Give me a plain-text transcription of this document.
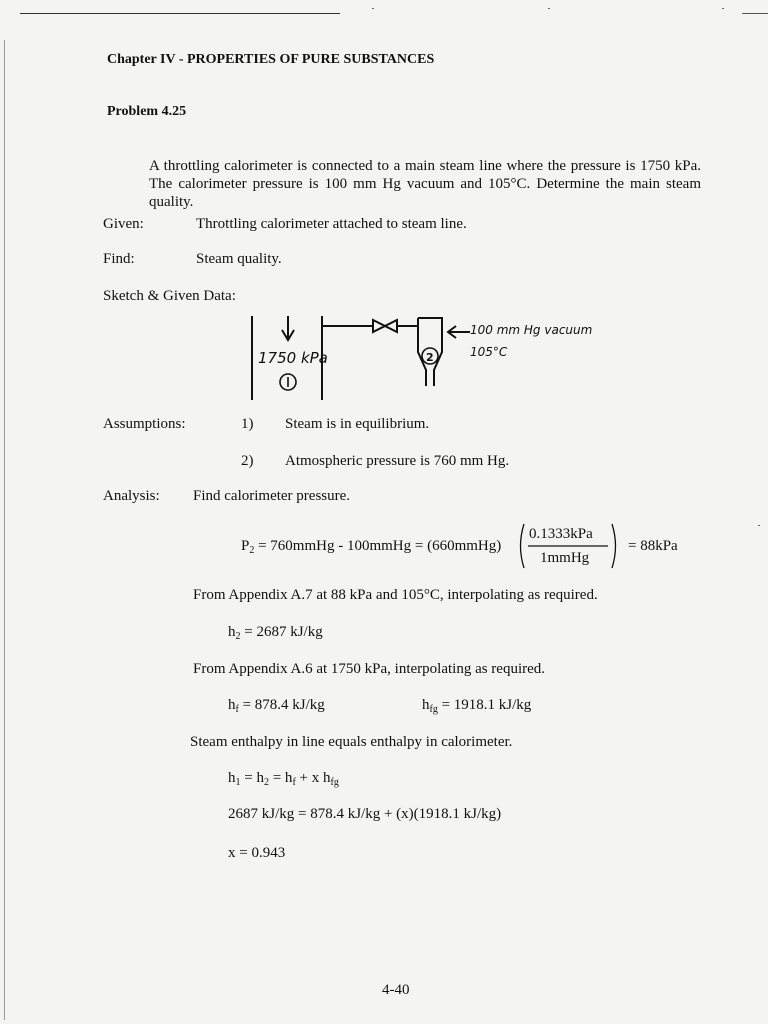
Chapter IV - PROPERTIES OF PURE SUBSTANCES
Problem 4.25
A throttling calorimeter is connected to a main steam line where the pressure is 1750 kPa. The calorimeter pressure is 100 mm Hg vacuum and 105°C. Determine the main steam quality.
Given:	Throttling calorimeter attached to steam line.
Find:	Steam quality.
Sketch & Given Data:
1750 kPa	2
100 mm Hg vacuum
105°C
Assumptions:	1) Steam is in equilibrium.
2) Atmospheric pressure is 760 mm Hg.
Analysis: Find calorimeter pressure.
$P_2$ = 760mmHg - 100mmHg = (660mmHg)
0.1333kPa
1mmHg
= 88kPa
From Appendix A.7 at 88 kPa and 105°C, interpolating as required.
$h_2 = 2687$ kJ/kg
From Appendix A.6 at 1750 kPa, interpolating as required.
$h_f = 878.4$ kJ/kg	$h_{fg} = 1918.1$ kJ/kg
Steam enthalpy in line equals enthalpy in calorimeter.
$h_1 = h_2 = h_f + x$ $h_{fg}$
2687 kJ/kg = 878.4 kJ/kg + (x)(1918.1 kJ/kg)
x = 0.943
4-40
